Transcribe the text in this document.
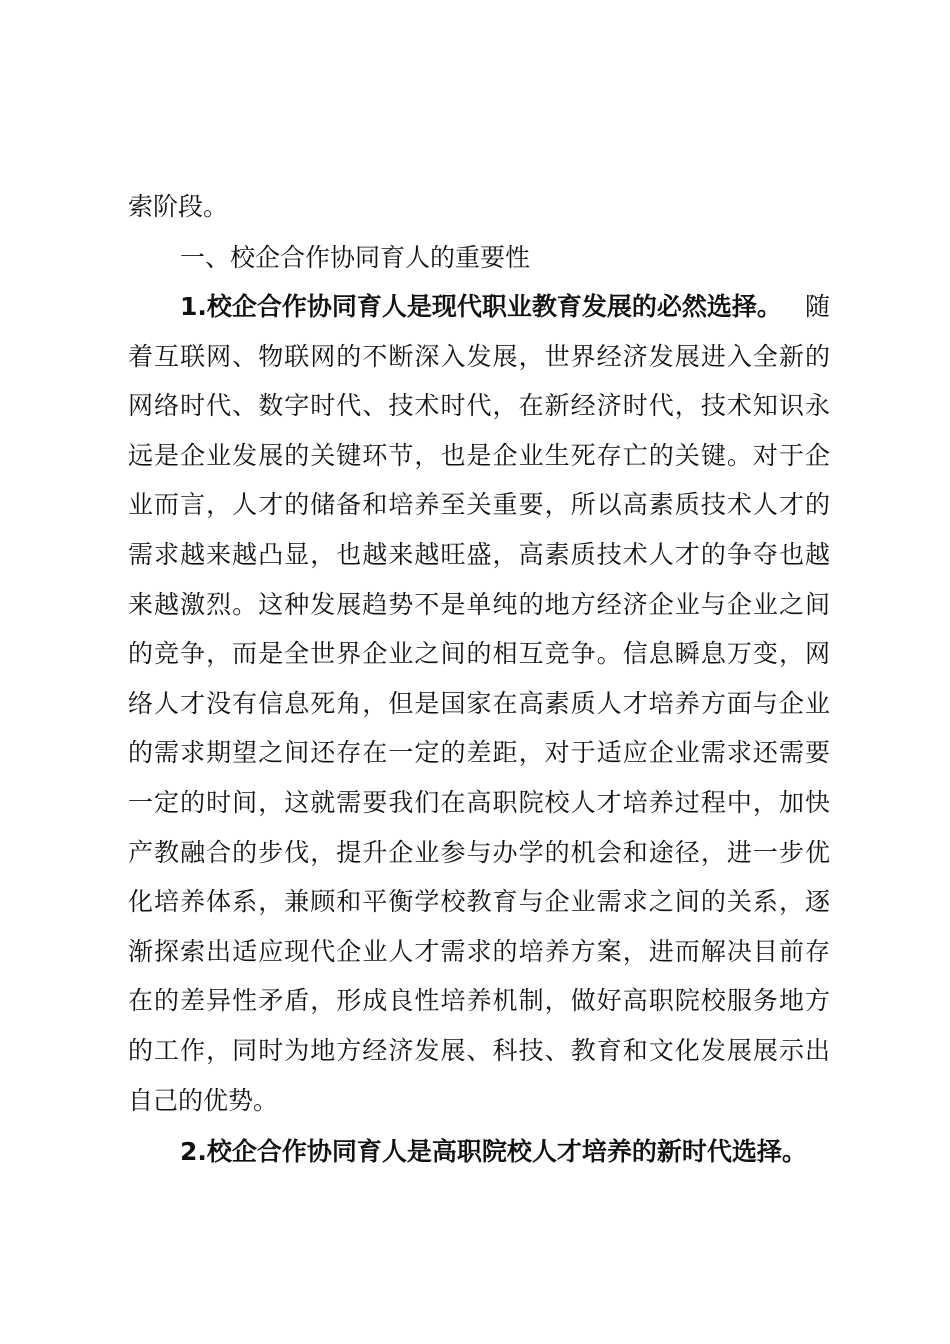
索阶段。
一、校企合作协同育人的重要性
1.校企合作协同育人是现代职业教育发展的必然选择。 随
着互联网、物联网的不断深入发展，世界经济发展进入全新的
网络时代、数字时代、技术时代，在新经济时代，技术知识永
远是企业发展的关键环节，也是企业生死存亡的关键。对于企
业而言，人才的储备和培养至关重要，所以高素质技术人才的
需求越来越凸显，也越来越旺盛，高素质技术人才的争夺也越
来越激烈。这种发展趋势不是单纯的地方经济企业与企业之间
的竞争，而是全世界企业之间的相互竞争。信息瞬息万变，网
络人才没有信息死角，但是国家在高素质人才培养方面与企业
的需求期望之间还存在一定的差距，对于适应企业需求还需要
一定的时间，这就需要我们在高职院校人才培养过程中，加快
产教融合的步伐，提升企业参与办学的机会和途径，进一步优
化培养体系，兼顾和平衡学校教育与企业需求之间的关系，逐
渐探索出适应现代企业人才需求的培养方案，进而解决目前存
在的差异性矛盾，形成良性培养机制，做好高职院校服务地方
的工作，同时为地方经济发展、科技、教育和文化发展展示出
自己的优势。
2.校企合作协同育人是高职院校人才培养的新时代选择。
